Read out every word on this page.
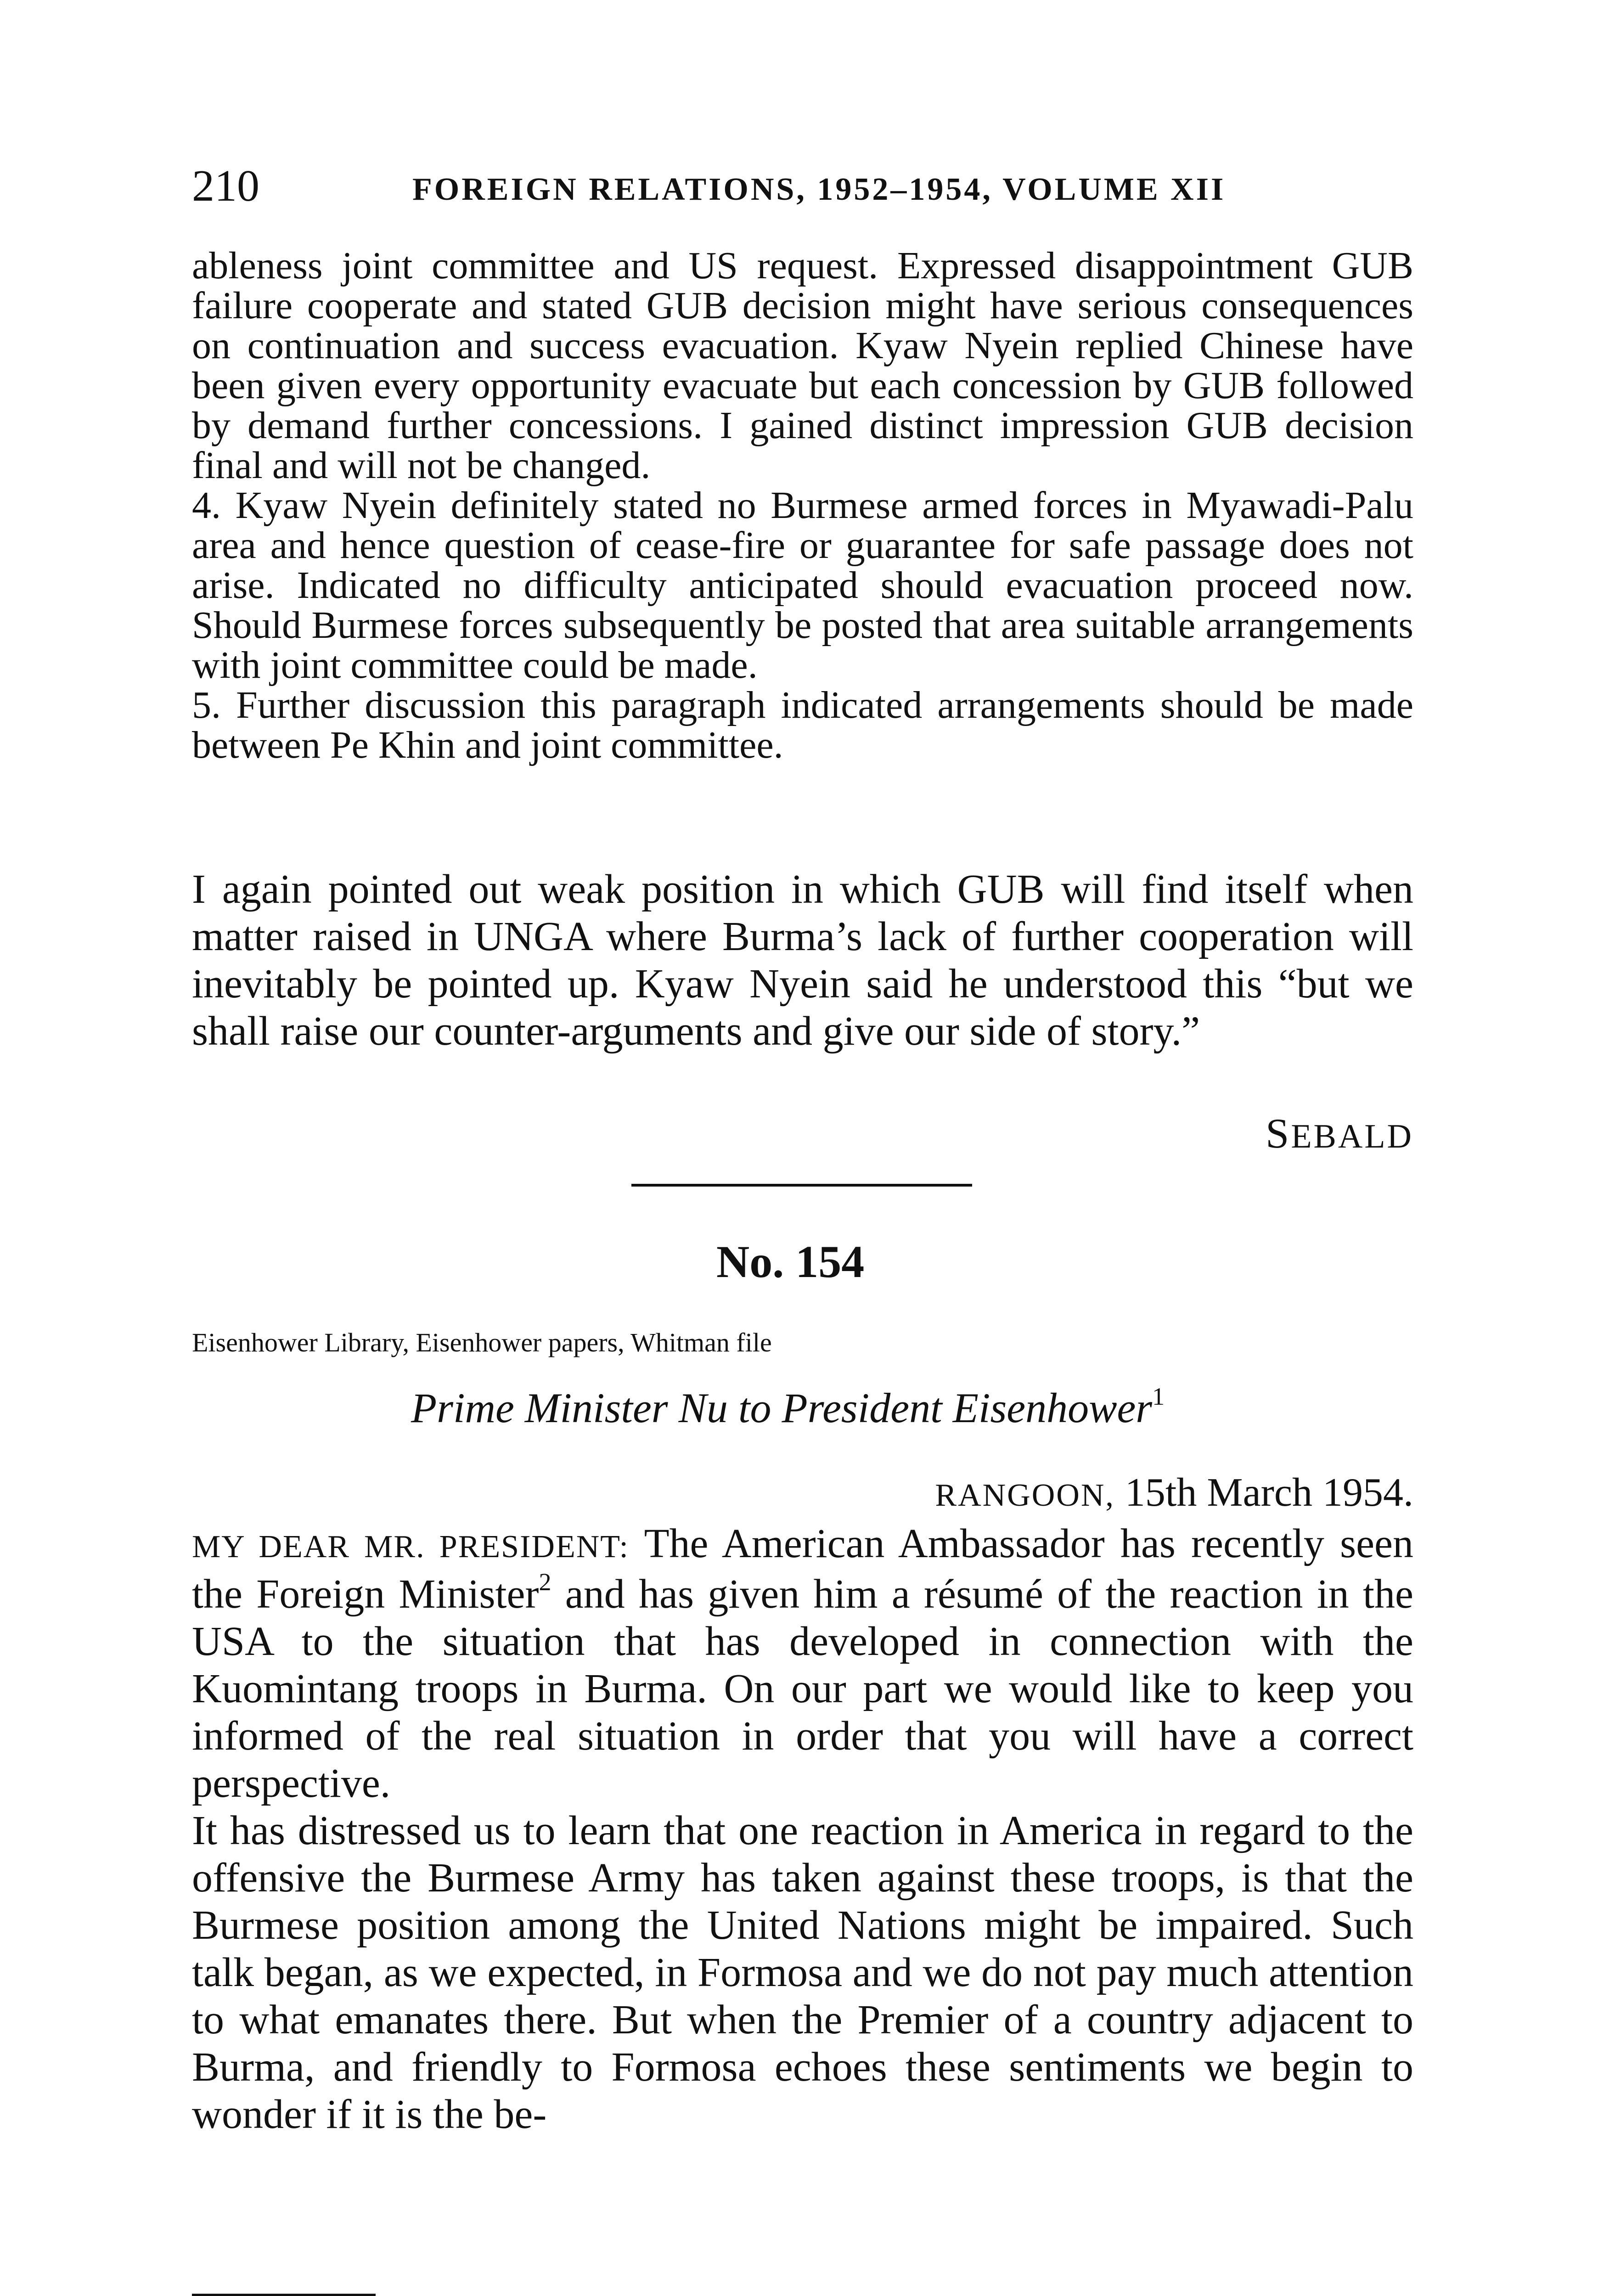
210	FOREIGN RELATIONS, 1952–1954, VOLUME XII

ableness joint committee and US request. Expressed disappointment GUB failure cooperate and stated GUB decision might have serious consequences on continuation and success evacuation. Kyaw Nyein replied Chinese have been given every opportunity evacuate but each concession by GUB followed by demand further concessions. I gained distinct impression GUB decision final and will not be changed.

4. Kyaw Nyein definitely stated no Burmese armed forces in Myawadi-Palu area and hence question of cease-fire or guarantee for safe passage does not arise. Indicated no difficulty anticipated should evacuation proceed now. Should Burmese forces subsequently be posted that area suitable arrangements with joint committee could be made.

5. Further discussion this paragraph indicated arrangements should be made between Pe Khin and joint committee.

I again pointed out weak position in which GUB will find itself when matter raised in UNGA where Burma’s lack of further cooperation will inevitably be pointed up. Kyaw Nyein said he understood this “but we shall raise our counter-arguments and give our side of story.”

SEBALD
No. 154
Eisenhower Library, Eisenhower papers, Whitman file
Prime Minister Nu to President Eisenhower$^1$
RANGOON, 15th March 1954.

MY DEAR MR. PRESIDENT: The American Ambassador has recently seen the Foreign Minister$^2$ and has given him a résumé of the reaction in the USA to the situation that has developed in connection with the Kuomintang troops in Burma. On our part we would like to keep you informed of the real situation in order that you will have a correct perspective.

It has distressed us to learn that one reaction in America in regard to the offensive the Burmese Army has taken against these troops, is that the Burmese position among the United Nations might be impaired. Such talk began, as we expected, in Formosa and we do not pay much attention to what emanates there. But when the Premier of a country adjacent to Burma, and friendly to Formosa echoes these sentiments we begin to wonder if it is the be-
